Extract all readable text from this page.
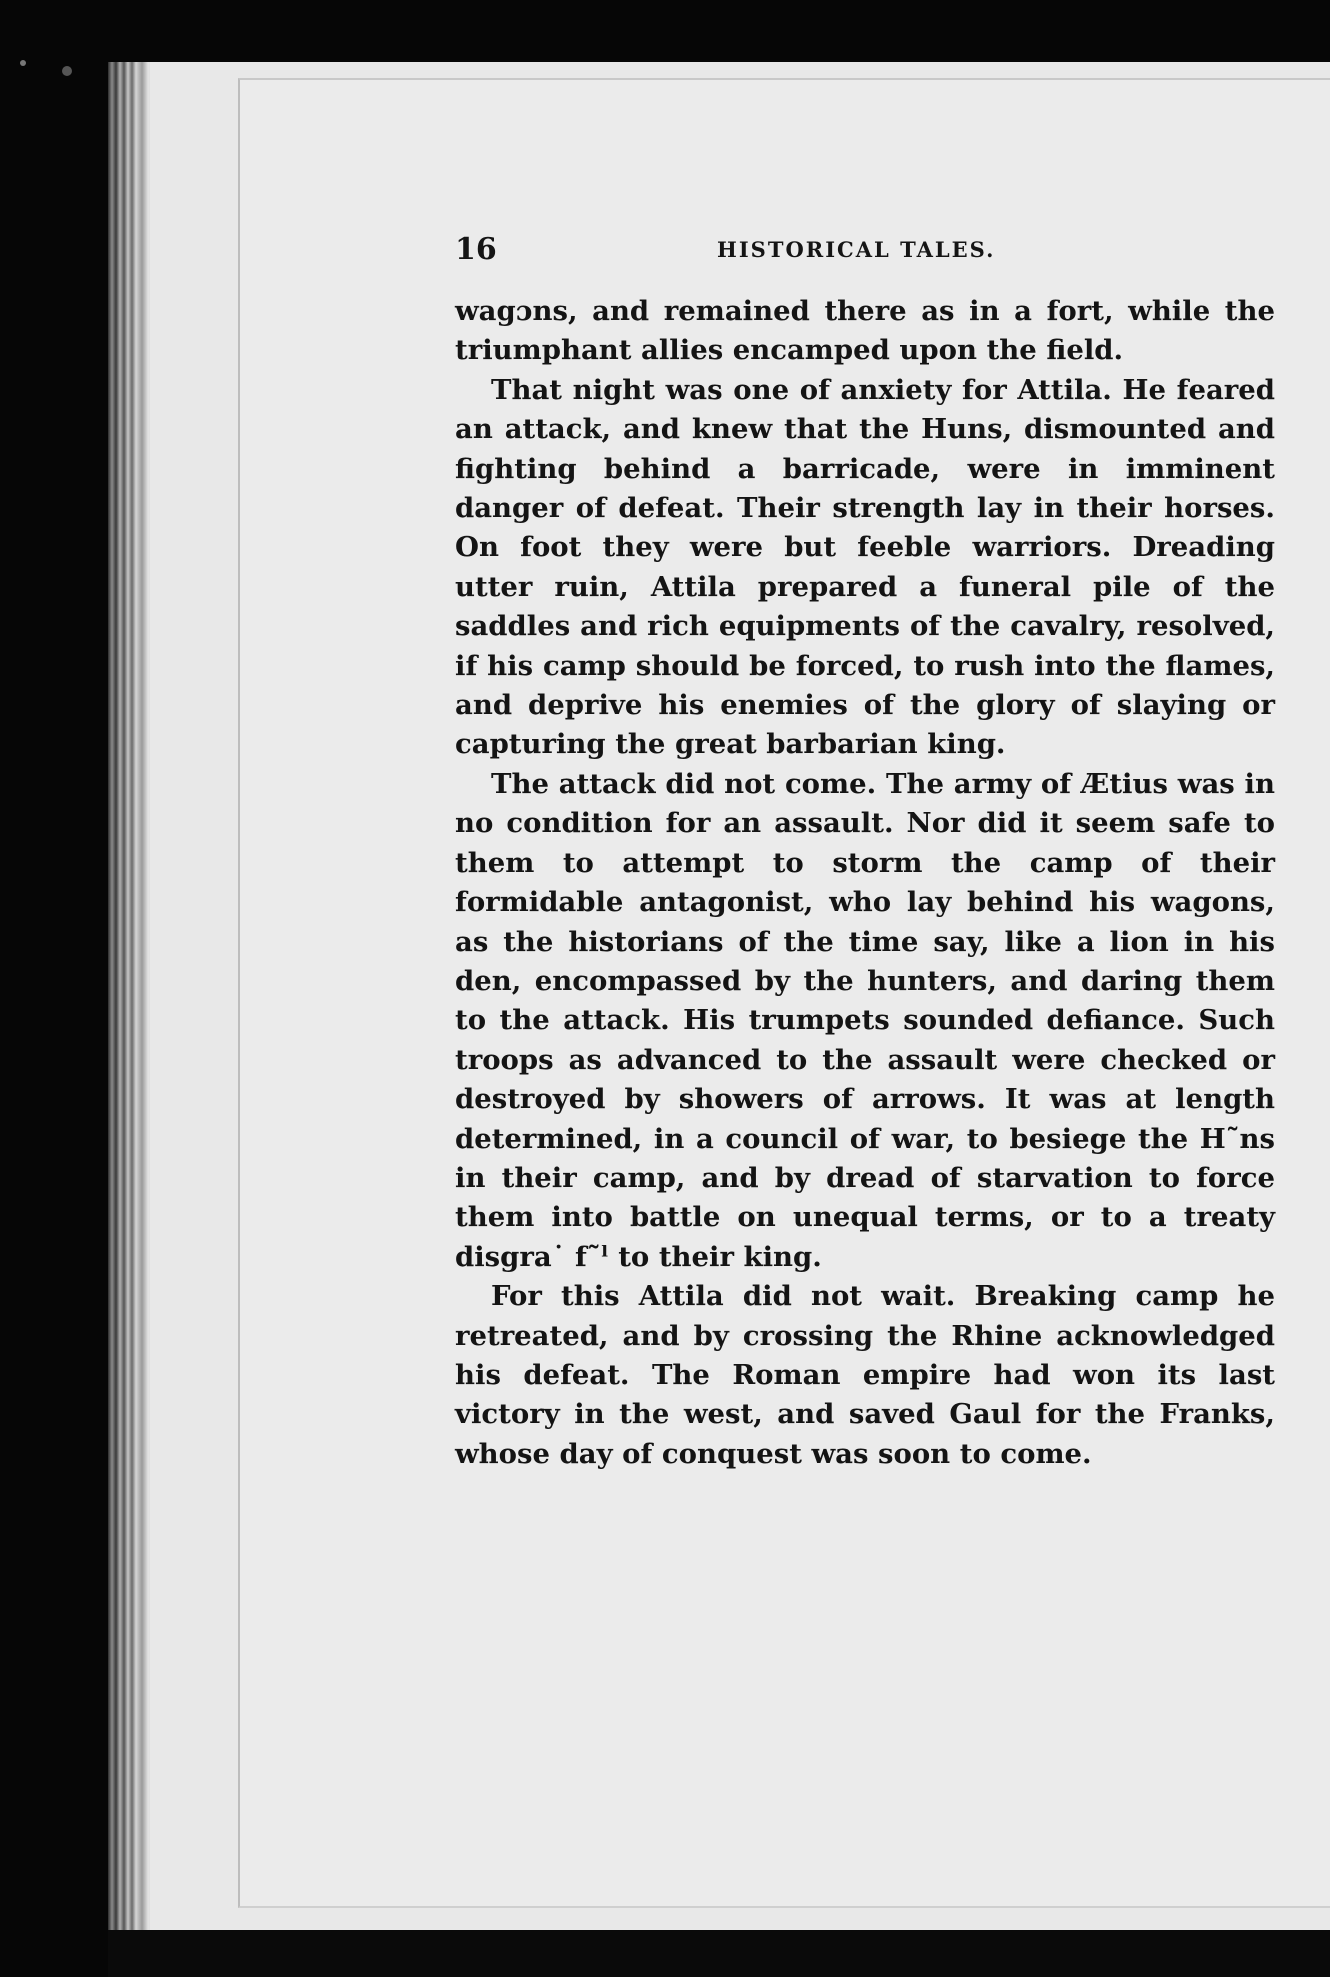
16	HISTORICAL TALES.

wagɔns, and remained there as in a fort, while the triumphant allies encamped upon the field.

That night was one of anxiety for Attila. He feared an attack, and knew that the Huns, dismounted and fighting behind a barricade, were in imminent danger of defeat. Their strength lay in their horses. On foot they were but feeble warriors. Dreading utter ruin, Attila prepared a funeral pile of the saddles and rich equipments of the cavalry, resolved, if his camp should be forced, to rush into the flames, and deprive his enemies of the glory of slaying or capturing the great barbarian king.

The attack did not come. The army of Ætius was in no condition for an assault. Nor did it seem safe to them to attempt to storm the camp of their formidable antagonist, who lay behind his wagons, as the historians of the time say, like a lion in his den, encompassed by the hunters, and daring them to the attack. His trumpets sounded defiance. Such troops as advanced to the assault were checked or destroyed by showers of arrows. It was at length determined, in a council of war, to besiege the H˜ns in their camp, and by dread of starvation to force them into battle on unequal terms, or to a treaty disgra˙ f˜ˡ to their king.

For this Attila did not wait. Breaking camp he retreated, and by crossing the Rhine acknowledged his defeat. The Roman empire had won its last victory in the west, and saved Gaul for the Franks, whose day of conquest was soon to come.
